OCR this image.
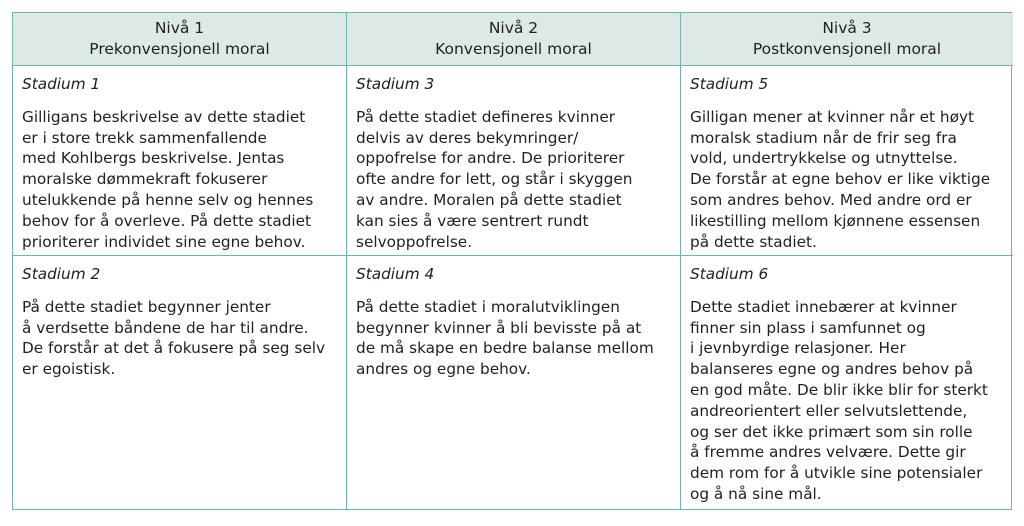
Nivå 1
Prekonvensjonell moral
Nivå 2
Konvensjonell moral
Nivå 3
Postkonvensjonell moral
Stadium 1
Gilligans beskrivelse av dette stadiet
er i store trekk sammenfallende
med Kohlbergs beskrivelse. Jentas
moralske dømmekraft fokuserer
utelukkende på henne selv og hennes
behov for å overleve. På dette stadiet
prioriterer individet sine egne behov.
Stadium 3
På dette stadiet defineres kvinner
delvis av deres bekymringer/
oppofrelse for andre. De prioriterer
ofte andre for lett, og står i skyggen
av andre. Moralen på dette stadiet
kan sies å være sentrert rundt
selvoppofrelse.
Stadium 5
Gilligan mener at kvinner når et høyt
moralsk stadium når de frir seg fra
vold, undertrykkelse og utnyttelse.
De forstår at egne behov er like viktige
som andres behov. Med andre ord er
likestilling mellom kjønnene essensen
på dette stadiet.
Stadium 2
På dette stadiet begynner jenter
å verdsette båndene de har til andre.
De forstår at det å fokusere på seg selv
er egoistisk.
Stadium 4
På dette stadiet i moralutviklingen
begynner kvinner å bli bevisste på at
de må skape en bedre balanse mellom
andres og egne behov.
Stadium 6
Dette stadiet innebærer at kvinner
finner sin plass i samfunnet og
i jevnbyrdige relasjoner. Her
balanseres egne og andres behov på
en god måte. De blir ikke blir for sterkt
andreorientert eller selvutslettende,
og ser det ikke primært som sin rolle
å fremme andres velvære. Dette gir
dem rom for å utvikle sine potensialer
og å nå sine mål.
